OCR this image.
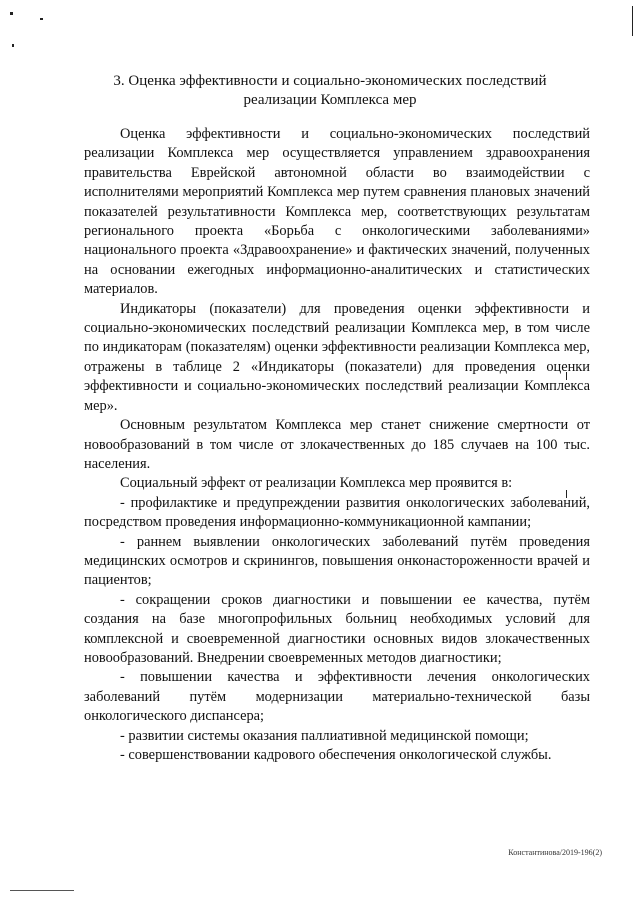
3. Оценка эффективности и социально-экономических последствий
реализации Комплекса мер

Оценка эффективности и социально-экономических последствий реализации Комплекса мер осуществляется управлением здравоохранения правительства Еврейской автономной области во взаимодействии с исполнителями мероприятий Комплекса мер путем сравнения плановых значений показателей результативности Комплекса мер, соответствующих результатам регионального проекта «Борьба с онкологическими заболеваниями» национального проекта «Здравоохранение» и фактических значений, полученных на основании ежегодных информационно-аналитических и статистических материалов.

Индикаторы (показатели) для проведения оценки эффективности и социально-экономических последствий реализации Комплекса мер, в том числе по индикаторам (показателям) оценки эффективности реализации Комплекса мер, отражены в таблице 2 «Индикаторы (показатели) для проведения оценки эффективности и социально-экономических последствий реализации Комплекса мер».

Основным результатом Комплекса мер станет снижение смертности от новообразований в том числе от злокачественных до 185 случаев на 100 тыс. населения.

Социальный эффект от реализации Комплекса мер проявится в:

- профилактике и предупреждении развития онкологических заболеваний, посредством проведения информационно-коммуникационной кампании;

- раннем выявлении онкологических заболеваний путём проведения медицинских осмотров и скринингов, повышения онконастороженности врачей и пациентов;

- сокращении сроков диагностики и повышении ее качества, путём создания на базе многопрофильных больниц необходимых условий для комплексной и своевременной диагностики основных видов злокачественных новообразований. Внедрении своевременных методов диагностики;

- повышении качества и эффективности лечения онкологических заболеваний путём модернизации материально-технической базы онкологического диспансера;

- развитии системы оказания паллиативной медицинской помощи;

- совершенствовании кадрового обеспечения онкологической службы.

Константинова/2019-196(2)
